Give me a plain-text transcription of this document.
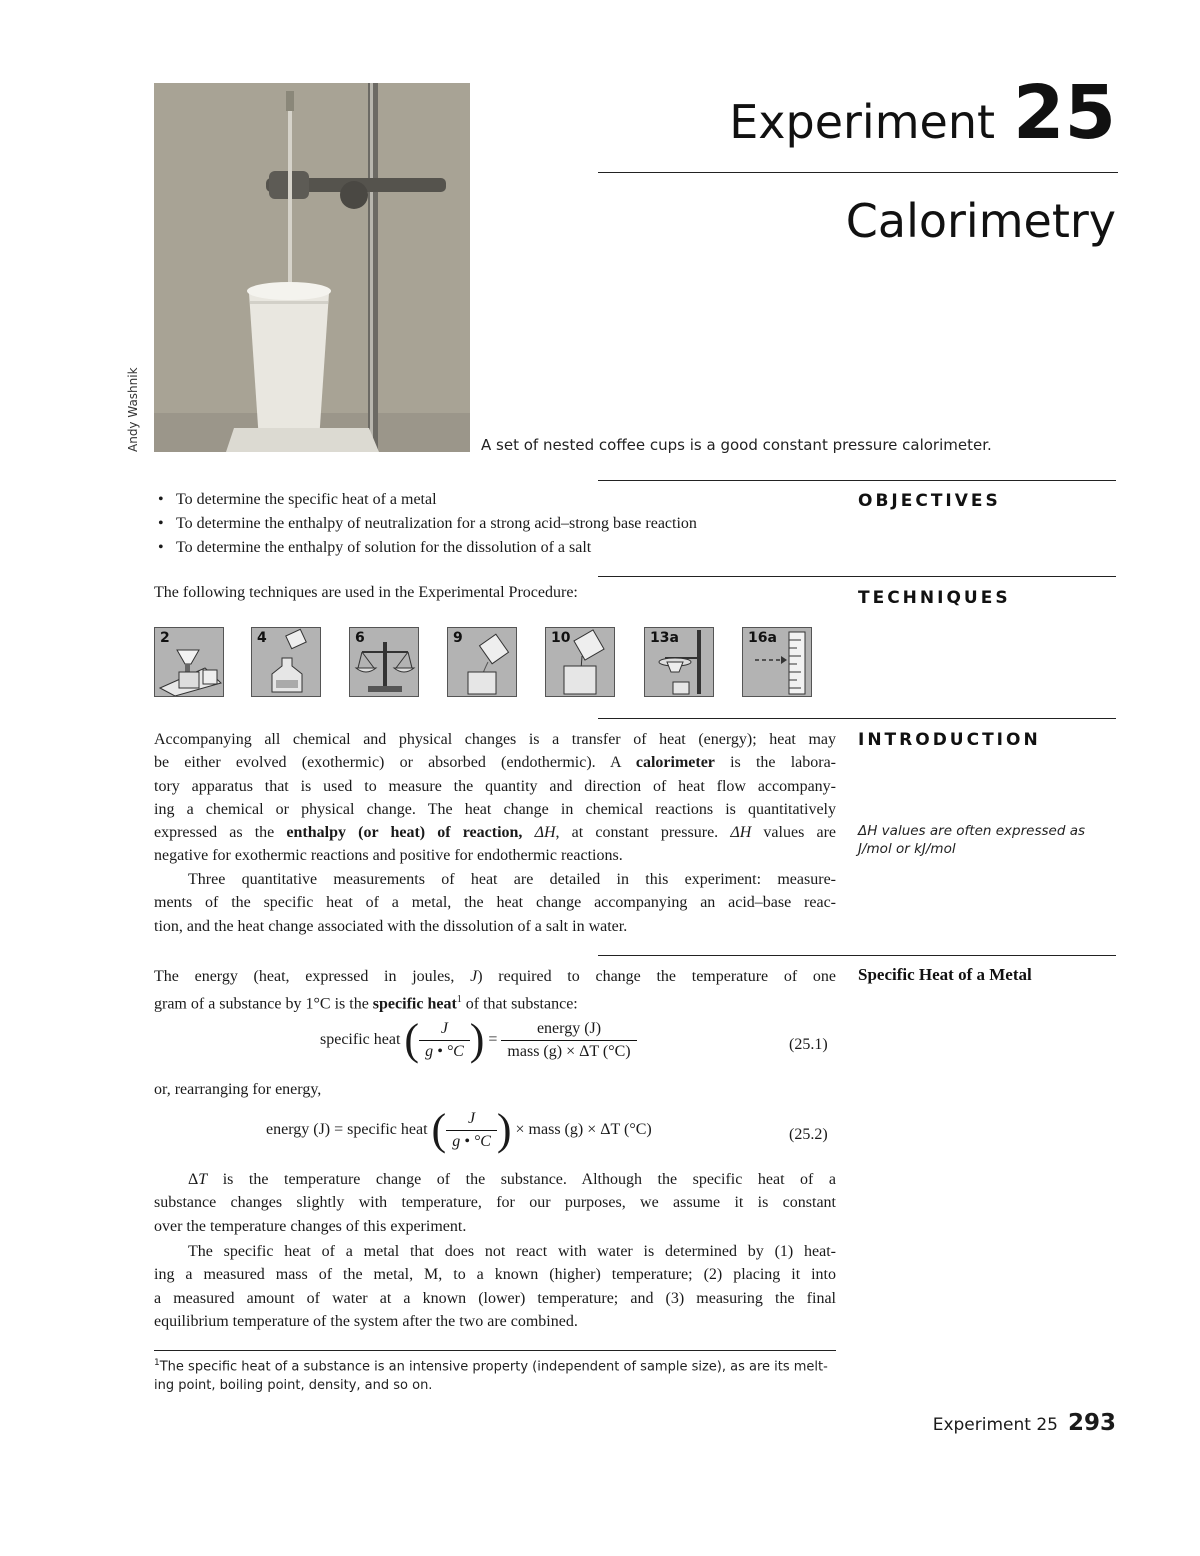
Andy Washnik	A set of nested coffee cups is a good constant pressure calorimeter.
Experiment 25
Calorimetry
OBJECTIVES
• To determine the specific heat of a metal
• To determine the enthalpy of neutralization for a strong acid–strong base reaction
• To determine the enthalpy of solution for the dissolution of a salt
TECHNIQUES
The following techniques are used in the Experimental Procedure:
2	4	6	9	10	13a	16a
INTRODUCTION
ΔH values are often expressed as
J/mol or kJ/mol
Accompanying all chemical and physical changes is a transfer of heat (energy); heat may
be either evolved (exothermic) or absorbed (endothermic). A calorimeter is the labora-
tory apparatus that is used to measure the quantity and direction of heat flow accompany-
ing a chemical or physical change. The heat change in chemical reactions is quantitatively
expressed as the enthalpy (or heat) of reaction, ΔH, at constant pressure. ΔH values are
negative for exothermic reactions and positive for endothermic reactions.
Three quantitative measurements of heat are detailed in this experiment: measure-
ments of the specific heat of a metal, the heat change accompanying an acid–base reac-
tion, and the heat change associated with the dissolution of a salt in water.
Specific Heat of a Metal
The energy (heat, expressed in joules, J) required to change the temperature of one
gram of a substance by 1°C is the specific heat$^1$ of that substance:
specific heat ( $\frac{J}{g • ^\circ C}$ ) = $\frac{\text{energy (J)}}{\text{mass (g) × ΔT (°C)}}$	(25.1)
or, rearranging for energy,
energy (J) = specific heat ( $\frac{J}{g • ^\circ C}$ ) × mass (g) × ΔT (°C)	(25.2)
ΔT is the temperature change of the substance. Although the specific heat of a
substance changes slightly with temperature, for our purposes, we assume it is constant
over the temperature changes of this experiment.
The specific heat of a metal that does not react with water is determined by (1) heat-
ing a measured mass of the metal, M, to a known (higher) temperature; (2) placing it into
a measured amount of water at a known (lower) temperature; and (3) measuring the final
equilibrium temperature of the system after the two are combined.
$^1$The specific heat of a substance is an intensive property (independent of sample size), as are its melt-
ing point, boiling point, density, and so on.
Experiment 25 293
